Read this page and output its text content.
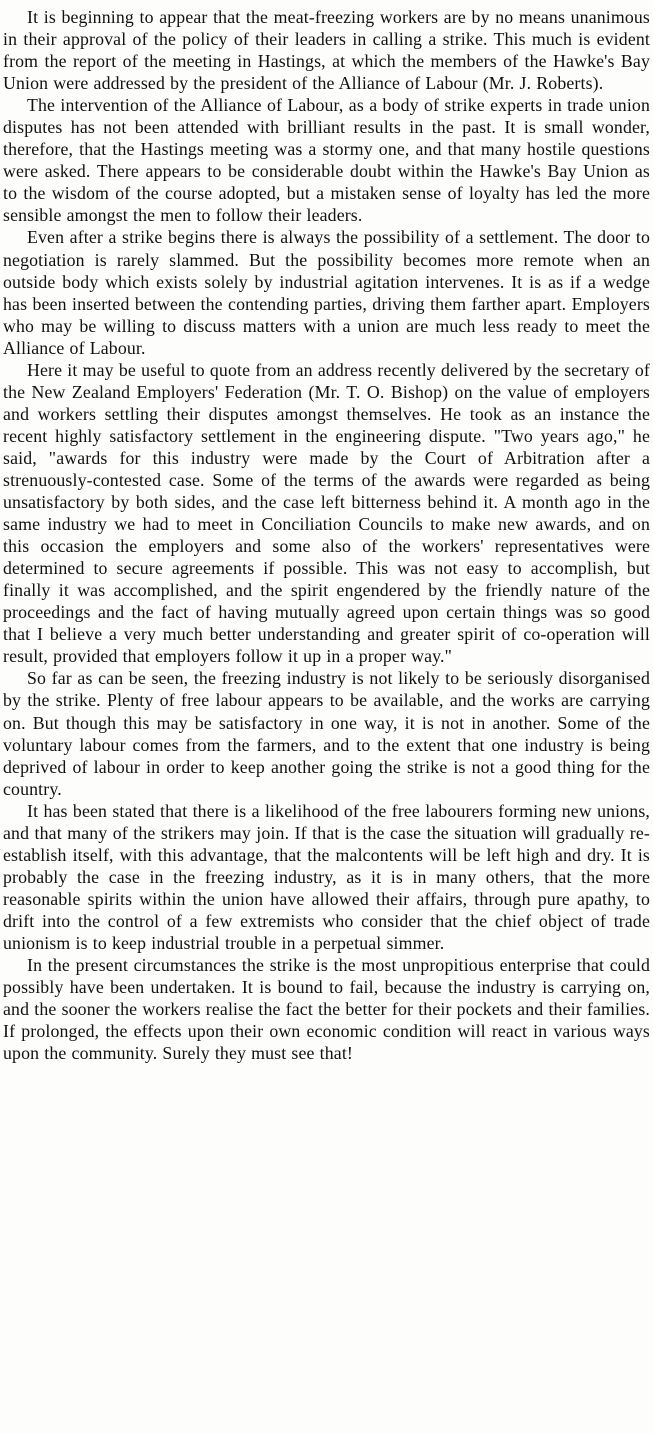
It is beginning to appear that the meat-freezing workers are by no means unanimous in their approval of the policy of their leaders in calling a strike. This much is evident from the report of the meeting in Hastings, at which the members of the Hawke's Bay Union were addressed by the president of the Alliance of Labour (Mr. J. Roberts).

The intervention of the Alliance of Labour, as a body of strike experts in trade union disputes has not been attended with brilliant results in the past. It is small wonder, therefore, that the Hastings meeting was a stormy one, and that many hostile questions were asked. There appears to be considerable doubt within the Hawke's Bay Union as to the wisdom of the course adopted, but a mistaken sense of loyalty has led the more sensible amongst the men to follow their leaders.

Even after a strike begins there is always the possibility of a settlement. The door to negotiation is rarely slammed. But the possibility becomes more remote when an outside body which exists solely by industrial agitation intervenes. It is as if a wedge has been inserted between the contending parties, driving them farther apart. Employers who may be willing to discuss matters with a union are much less ready to meet the Alliance of Labour.

Here it may be useful to quote from an address recently delivered by the secretary of the New Zealand Employers' Federation (Mr. T. O. Bishop) on the value of employers and workers settling their disputes amongst themselves. He took as an instance the recent highly satisfactory settlement in the engineering dispute. "Two years ago," he said, "awards for this industry were made by the Court of Arbitration after a strenuously-contested case. Some of the terms of the awards were regarded as being unsatisfactory by both sides, and the case left bitterness behind it. A month ago in the same industry we had to meet in Conciliation Councils to make new awards, and on this occasion the employers and some also of the workers' representatives were determined to secure agreements if possible. This was not easy to accomplish, but finally it was accomplished, and the spirit engendered by the friendly nature of the proceedings and the fact of having mutually agreed upon certain things was so good that I believe a very much better understanding and greater spirit of co-operation will result, provided that employers follow it up in a proper way."

So far as can be seen, the freezing industry is not likely to be seriously disorganised by the strike. Plenty of free labour appears to be available, and the works are carrying on. But though this may be satisfactory in one way, it is not in another. Some of the voluntary labour comes from the farmers, and to the extent that one industry is being deprived of labour in order to keep another going the strike is not a good thing for the country.

It has been stated that there is a likelihood of the free labourers forming new unions, and that many of the strikers may join. If that is the case the situation will gradually re-establish itself, with this advantage, that the malcontents will be left high and dry. It is probably the case in the freezing industry, as it is in many others, that the more reasonable spirits within the union have allowed their affairs, through pure apathy, to drift into the control of a few extremists who consider that the chief object of trade unionism is to keep industrial trouble in a perpetual simmer.

In the present circumstances the strike is the most unpropitious enterprise that could possibly have been undertaken. It is bound to fail, because the industry is carrying on, and the sooner the workers realise the fact the better for their pockets and their families. If prolonged, the effects upon their own economic condition will react in various ways upon the community. Surely they must see that!
